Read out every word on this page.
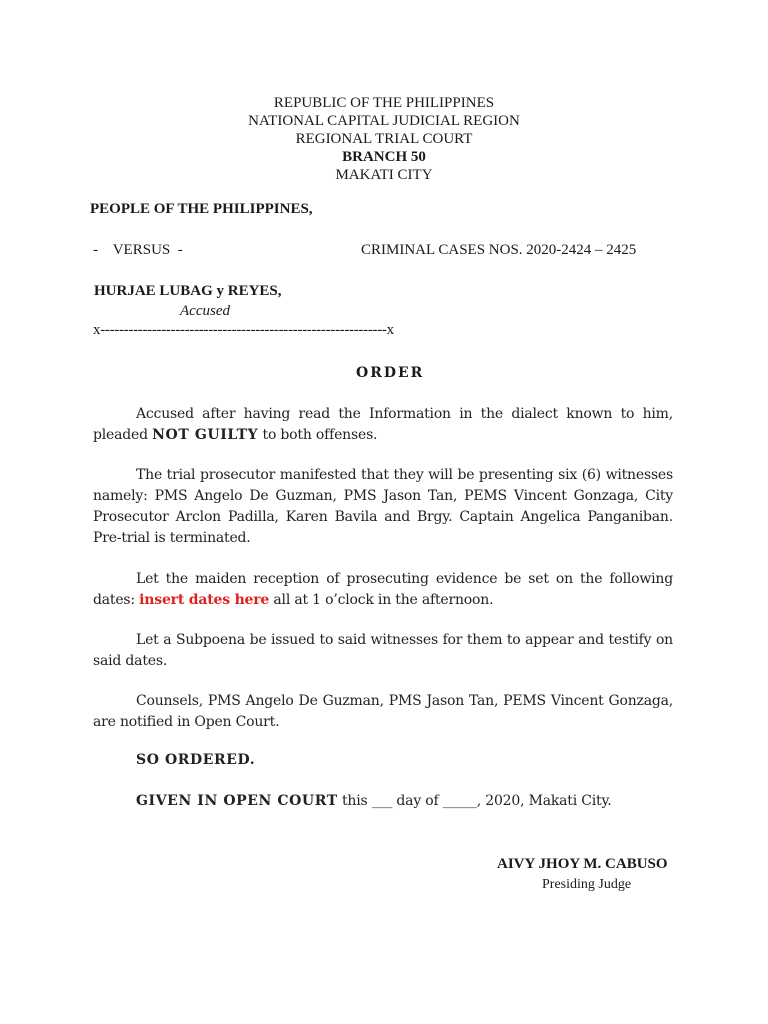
REPUBLIC OF THE PHILIPPINES
NATIONAL CAPITAL JUDICIAL REGION
REGIONAL TRIAL COURT
BRANCH 50
MAKATI CITY
PEOPLE OF THE PHILIPPINES,
-    VERSUS  -	CRIMINAL CASES NOS. 2020-2424 – 2425
HURJAE LUBAG y REYES,
Accused
x-------------------------------------------------------------x
ORDER
Accused after having read the Information in the dialect known to him, pleaded NOT GUILTY to both offenses.
The trial prosecutor manifested that they will be presenting six (6) witnesses namely: PMS Angelo De Guzman, PMS Jason Tan, PEMS Vincent Gonzaga, City Prosecutor Arclon Padilla, Karen Bavila and Brgy. Captain Angelica Panganiban. Pre-trial is terminated.
Let the maiden reception of prosecuting evidence be set on the following dates: insert dates here all at 1 o’clock in the afternoon.
Let a Subpoena be issued to said witnesses for them to appear and testify on said dates.
Counsels, PMS Angelo De Guzman, PMS Jason Tan, PEMS Vincent Gonzaga, are notified in Open Court.
SO ORDERED.
GIVEN IN OPEN COURT this ___ day of _____, 2020, Makati City.
AIVY JHOY M. CABUSO
Presiding Judge
